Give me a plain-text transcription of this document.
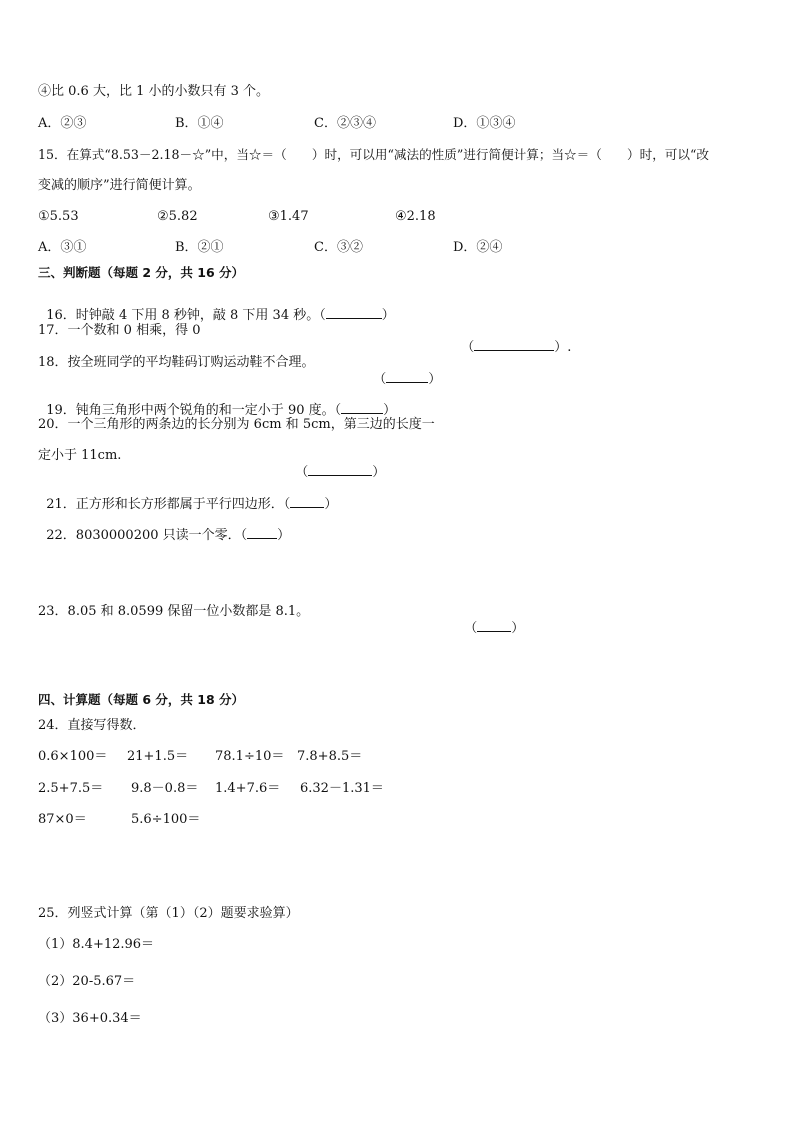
④比 0.6 大，比 1 小的小数只有 3 个。
A．②③	B．①④	C．②③④	D．①③④
15．在算式“8.53－2.18－☆”中，当☆＝（　　）时，可以用“减法的性质”进行简便计算；当☆＝（　　）时，可以“改
变减的顺序”进行简便计算。
①5.53	②5.82	③1.47	④2.18
A．③①	B．②①	C．③②	D．②④
三、判断题（每题 2 分，共 16 分）

16．时钟敲 4 下用 8 秒钟，敲 8 下用 34 秒。（	）

17．一个数和 0 相乘，得 0

（	）.

18．按全班同学的平均鞋码订购运动鞋不合理。

（	）

19．钝角三角形中两个锐角的和一定小于 90 度。（	）

20．一个三角形的两条边的长分别为 6cm 和 5cm，第三边的长度一
定小于 11cm.

（	）

21．正方形和长方形都属于平行四边形．（	）

22．8030000200 只读一个零．（ ）

23．8.05 和 8.0599 保留一位小数都是 8.1。

（	）

四、计算题（每题 6 分，共 18 分）
24．直接写得数．
0.6×100＝ 21+1.5＝ 78.1÷10＝ 7.8+8.5＝
2.5+7.5＝ 9.8－0.8＝ 1.4+7.6＝ 6.32－1.31＝
87×0＝	5.6÷100＝
25．列竖式计算（第（1）（2）题要求验算）
（1）8.4+12.96＝
（2）20-5.67＝
（3）36+0.34＝
